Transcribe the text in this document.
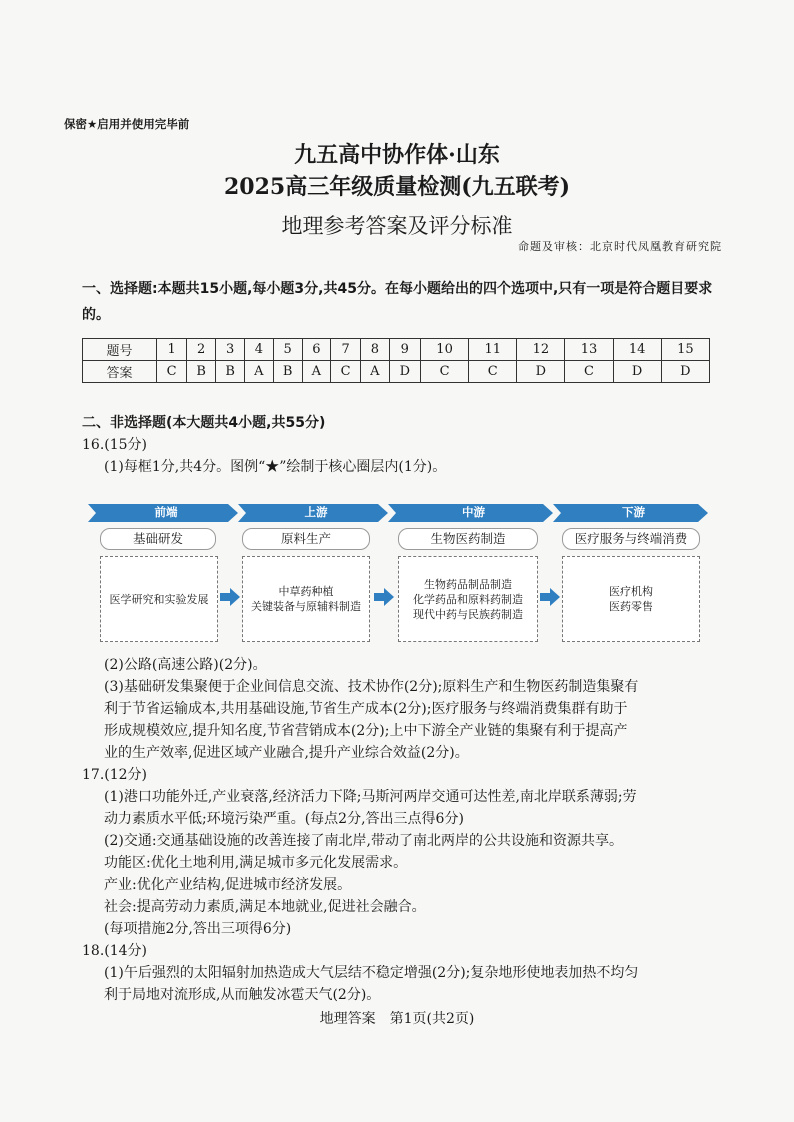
保密★启用并使用完毕前
九五高中协作体·山东
2025高三年级质量检测(九五联考)
地理参考答案及评分标准
命题及审核：北京时代凤凰教育研究院
一、选择题:本题共15小题,每小题3分,共45分。在每小题给出的四个选项中,只有一项是符合题目要求的。
题号	1	2	3	4	5	6	7	8	9	10	11	12	13	14	15
答案	C	B	B	A	B	A	C	A	D	C	C	D	C	D	D
二、非选择题(本大题共4小题,共55分)
16.(15分)
(1)每框1分,共4分。图例“★”绘制于核心圈层内(1分)。
前端	上游	中游	下游
基础研发	原料生产	生物医药制造	医疗服务与终端消费
医学研究和实验发展
中草药种植
关键装备与原辅料制造
生物药品制品制造
化学药品和原料药制造
现代中药与民族药制造
医疗机构
医药零售
(2)公路(高速公路)(2分)。
(3)基础研发集聚便于企业间信息交流、技术协作(2分);原料生产和生物医药制造集聚有
利于节省运输成本,共用基础设施,节省生产成本(2分);医疗服务与终端消费集群有助于
形成规模效应,提升知名度,节省营销成本(2分);上中下游全产业链的集聚有利于提高产
业的生产效率,促进区域产业融合,提升产业综合效益(2分)。
17.(12分)
(1)港口功能外迁,产业衰落,经济活力下降;马斯河两岸交通可达性差,南北岸联系薄弱;劳
动力素质水平低;环境污染严重。(每点2分,答出三点得6分)
(2)交通:交通基础设施的改善连接了南北岸,带动了南北两岸的公共设施和资源共享。
功能区:优化土地利用,满足城市多元化发展需求。
产业:优化产业结构,促进城市经济发展。
社会:提高劳动力素质,满足本地就业,促进社会融合。
(每项措施2分,答出三项得6分)
18.(14分)
(1)午后强烈的太阳辐射加热造成大气层结不稳定增强(2分);复杂地形使地表加热不均匀
利于局地对流形成,从而触发冰雹天气(2分)。
地理答案　第1页(共2页)
